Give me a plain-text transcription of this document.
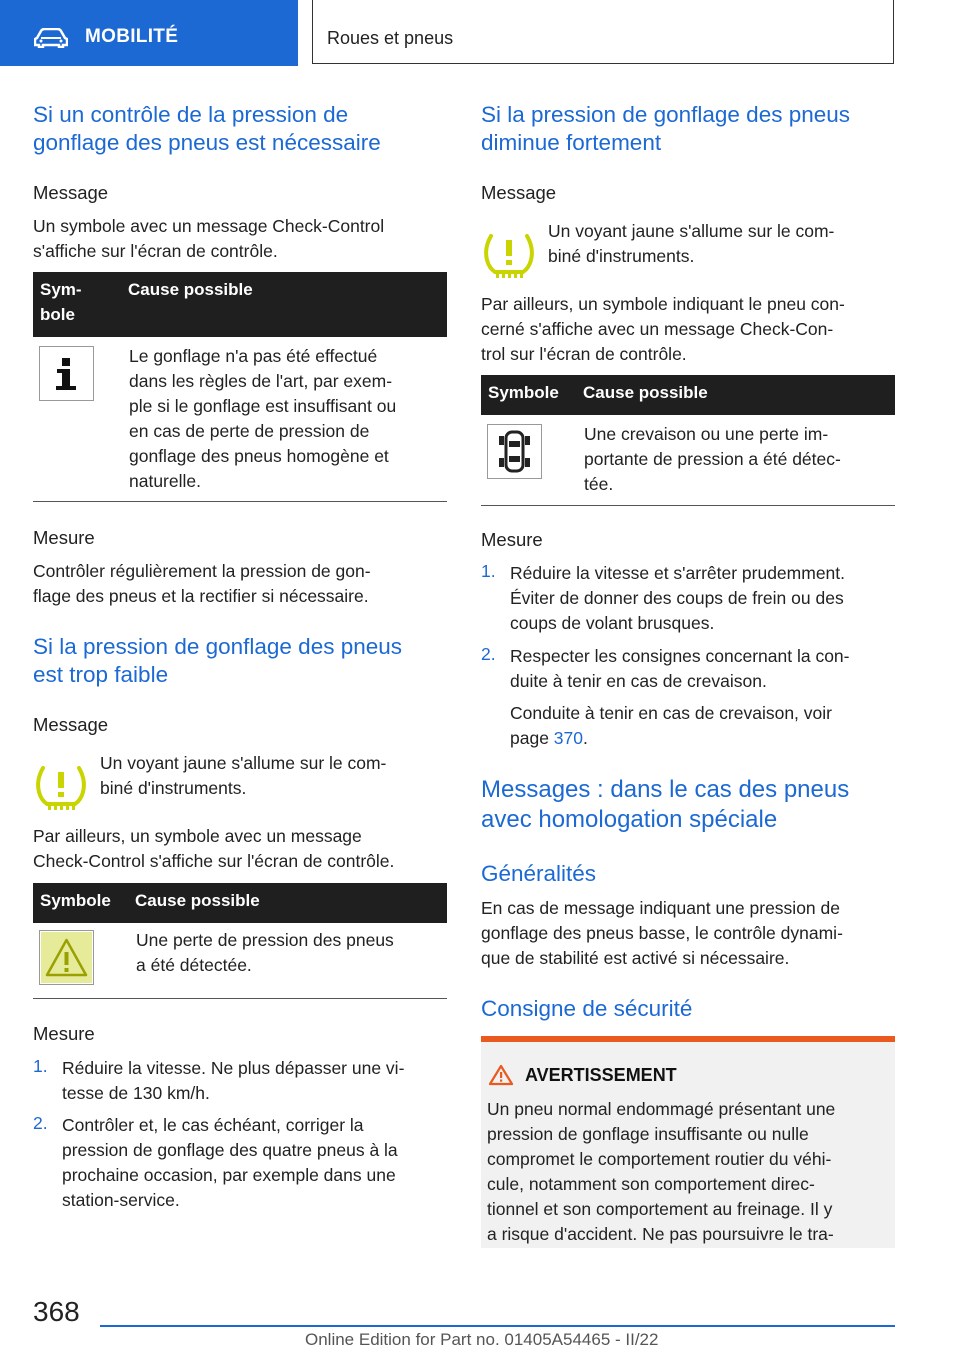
MOBILITÉ	Roues et pneus
Si un contrôle de la pression de
gonflage des pneus est nécessaire
Message
Un symbole avec un message Check-Control
s'affiche sur l'écran de contrôle.
Sym-
bole
Cause possible
Le gonflage n'a pas été effectué
dans les règles de l'art, par exem-
ple si le gonflage est insuffisant ou
en cas de perte de pression de
gonflage des pneus homogène et
naturelle.
Mesure
Contrôler régulièrement la pression de gon-
flage des pneus et la rectifier si nécessaire.
Si la pression de gonflage des pneus
est trop faible
Message
Un voyant jaune s'allume sur le com-
biné d'instruments.
Par ailleurs, un symbole avec un message
Check-Control s'affiche sur l'écran de contrôle.
Symbole Cause possible
Une perte de pression des pneus
a été détectée.
Mesure
1. Réduire la vitesse. Ne plus dépasser une vi-
tesse de 130 km/h.
2. Contrôler et, le cas échéant, corriger la
pression de gonflage des quatre pneus à la
prochaine occasion, par exemple dans une
station-service.
Si la pression de gonflage des pneus
diminue fortement
Message
Un voyant jaune s'allume sur le com-
biné d'instruments.
Par ailleurs, un symbole indiquant le pneu con-
cerné s'affiche avec un message Check-Con-
trol sur l'écran de contrôle.
Symbole Cause possible
Une crevaison ou une perte im-
portante de pression a été détec-
tée.
Mesure
1. Réduire la vitesse et s'arrêter prudemment.
Éviter de donner des coups de frein ou des
coups de volant brusques.
2. Respecter les consignes concernant la con-
duite à tenir en cas de crevaison.
Conduite à tenir en cas de crevaison, voir
page 370.
Messages : dans le cas des pneus
avec homologation spéciale
Généralités
En cas de message indiquant une pression de
gonflage des pneus basse, le contrôle dynami-
que de stabilité est activé si nécessaire.
Consigne de sécurité
AVERTISSEMENT
Un pneu normal endommagé présentant une
pression de gonflage insuffisante ou nulle
compromet le comportement routier du véhi-
cule, notamment son comportement direc-
tionnel et son comportement au freinage. Il y
a risque d'accident. Ne pas poursuivre le tra-
368
Online Edition for Part no. 01405A54465 - II/22
